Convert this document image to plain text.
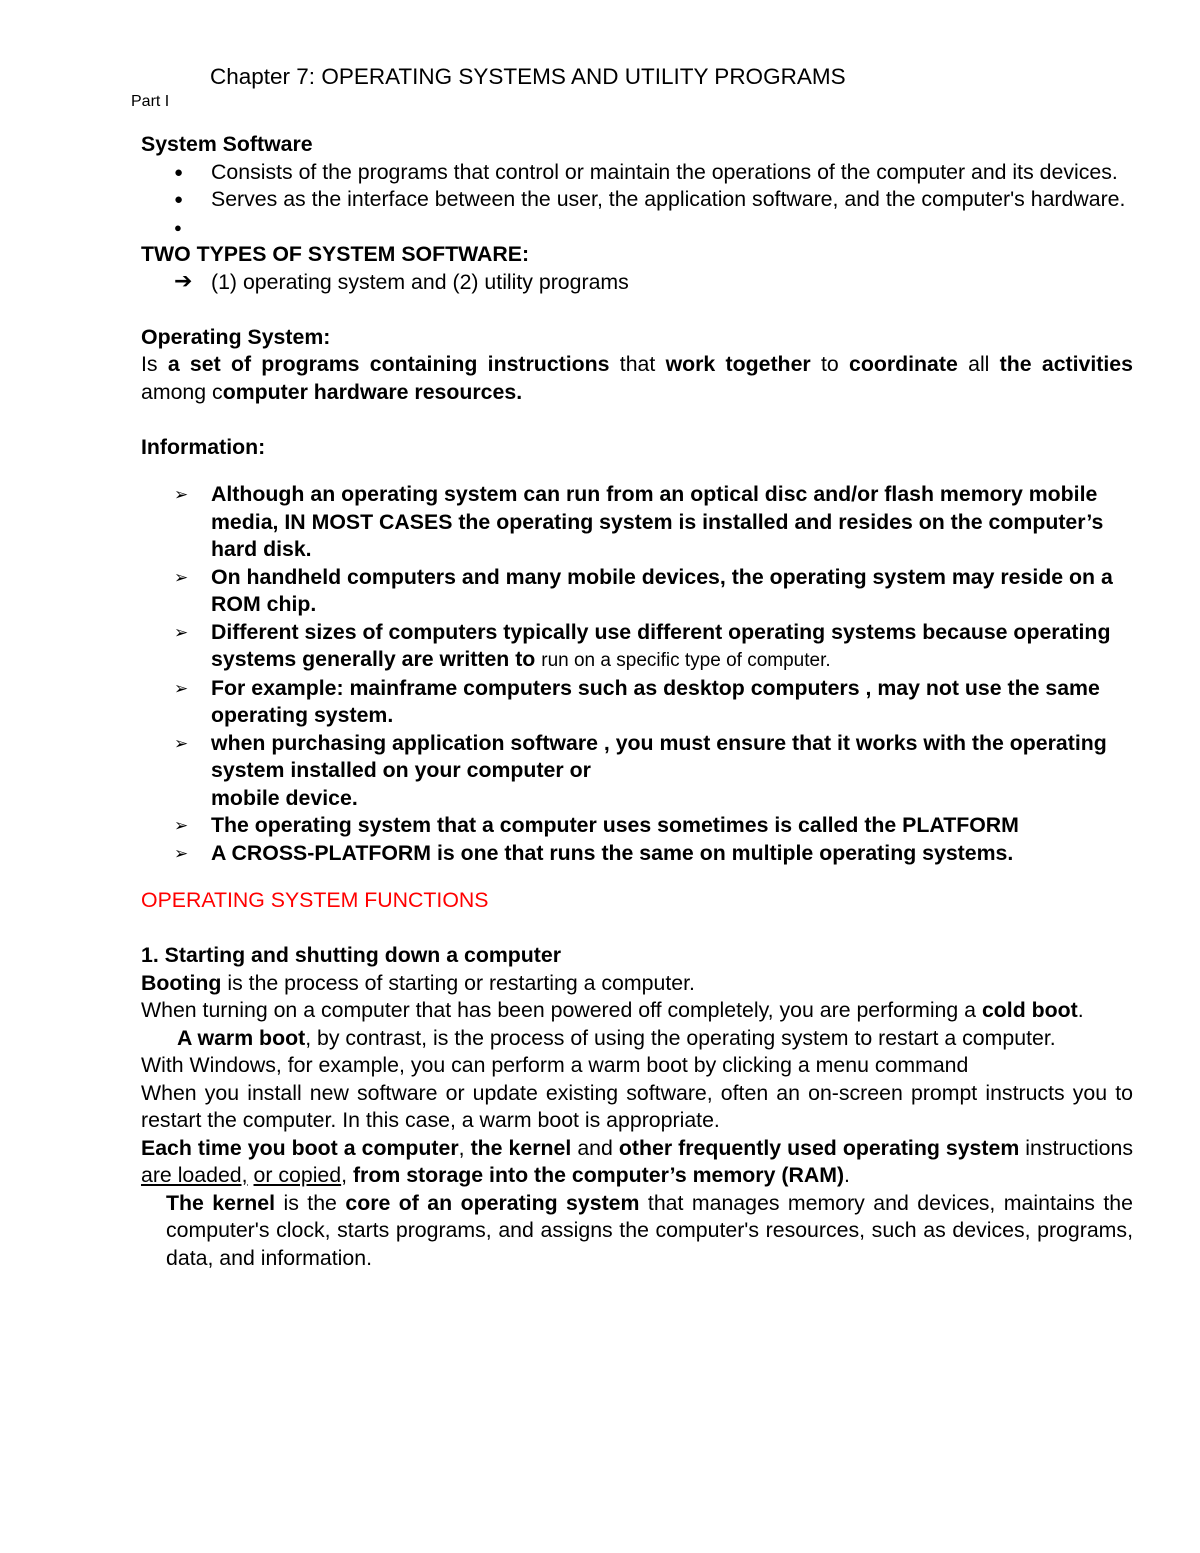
Chapter 7: OPERATING SYSTEMS AND UTILITY PROGRAMS
Part I

System Software

● Consists of the programs that control or maintain the operations of the computer and its devices.
● Serves as the interface between the user, the application software, and the computer's hardware.
●

TWO TYPES OF SYSTEM SOFTWARE:

➔ (1) operating system and (2) utility programs

Operating System:

Is a set of programs containing instructions that work together to coordinate all the activities among computer hardware resources.

Information:

➢ Although an operating system can run from an optical disc and/or flash memory mobile media, IN MOST CASES the operating system is installed and resides on the computer’s hard disk.
➢ On handheld computers and many mobile devices, the operating system may reside on a ROM chip.
➢ Different sizes of computers typically use different operating systems because operating systems generally are written to run on a specific type of computer.
➢ For example: mainframe computers such as desktop computers , may not use the same operating system.
➢ when purchasing application software , you must ensure that it works with the operating system installed on your computer or
mobile device.
➢ The operating system that a computer uses sometimes is called the PLATFORM
➢ A CROSS-PLATFORM is one that runs the same on multiple operating systems.

OPERATING SYSTEM FUNCTIONS

1. Starting and shutting down a computer

Booting is the process of starting or restarting a computer.

When turning on a computer that has been powered off completely, you are performing a cold boot.

A warm boot, by contrast, is the process of using the operating system to restart a computer.

With Windows, for example, you can perform a warm boot by clicking a menu command

When you install new software or update existing software, often an on-screen prompt instructs you to restart the computer. In this case, a warm boot is appropriate.

Each time you boot a computer, the kernel and other frequently used operating system instructions are loaded, or copied, from storage into the computer’s memory (RAM).

The kernel is the core of an operating system that manages memory and devices, maintains the computer's clock, starts programs, and assigns the computer's resources, such as devices, programs, data, and information.
